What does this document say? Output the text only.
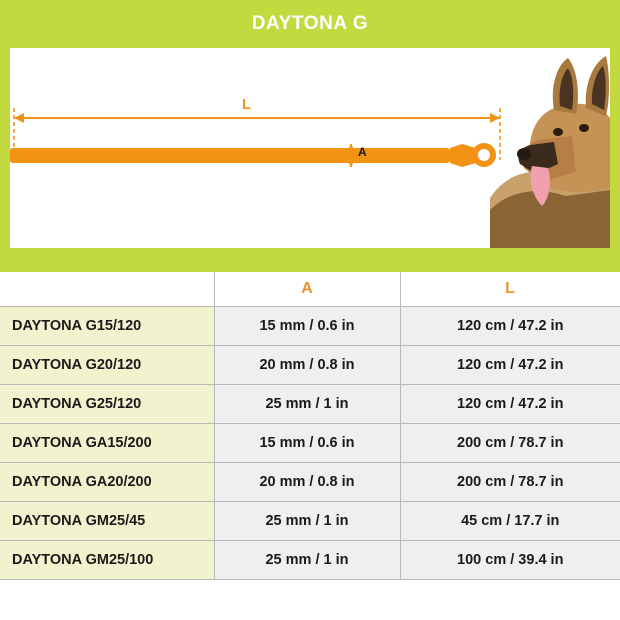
DAYTONA G
L
A
	A	L
DAYTONA G15/120	15 mm / 0.6 in	120 cm / 47.2 in
DAYTONA G20/120	20 mm / 0.8 in	120 cm / 47.2 in
DAYTONA G25/120	25 mm / 1 in	120 cm / 47.2 in
DAYTONA GA15/200	15 mm / 0.6 in	200 cm / 78.7 in
DAYTONA GA20/200	20 mm / 0.8 in	200 cm / 78.7 in
DAYTONA GM25/45	25 mm / 1 in	45 cm / 17.7 in
DAYTONA GM25/100	25 mm / 1 in	100 cm / 39.4 in
